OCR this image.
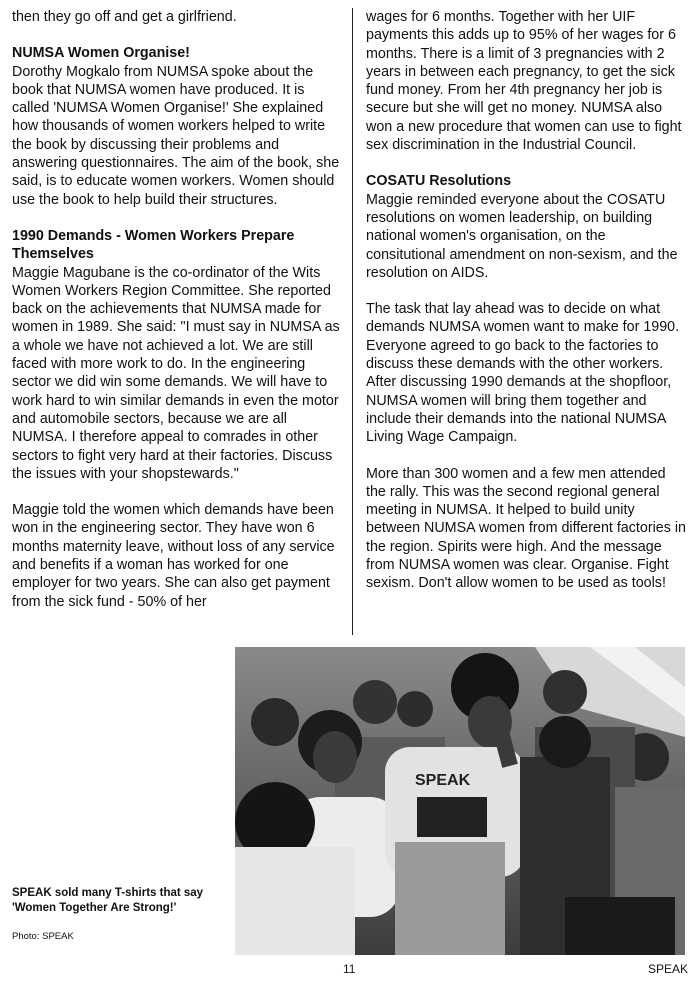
then they go off and get a girlfriend.

NUMSA Women Organise!

Dorothy Mogkalo from NUMSA spoke about the book that NUMSA women have produced. It is called 'NUMSA Women Organise!' She explained how thousands of women workers helped to write the book by discussing their problems and answering questionnaires. The aim of the book, she said, is to educate women workers. Women should use the book to help build their structures.

1990 Demands - Women Workers Prepare Themselves

Maggie Magubane is the co-ordinator of the Wits Women Workers Region Committee. She reported back on the achievements that NUMSA made for women in 1989. She said: "I must say in NUMSA as a whole we have not achieved a lot. We are still faced with more work to do. In the engineering sector we did win some demands. We will have to work hard to win similar demands in even the motor and automobile sectors, because we are all NUMSA. I therefore appeal to comrades in other sectors to fight very hard at their factories. Discuss the issues with your shopstewards."

Maggie told the women which demands have been won in the engineering sector. They have won 6 months maternity leave, without loss of any service and benefits if a woman has worked for one employer for two years. She can also get payment from the sick fund - 50% of her

wages for 6 months. Together with her UIF payments this adds up to 95% of her wages for 6 months. There is a limit of 3 pregnancies with 2 years in between each pregnancy, to get the sick fund money. From her 4th pregnancy her job is secure but she will get no money. NUMSA also won a new procedure that women can use to fight sex discrimination in the Industrial Council.

COSATU Resolutions

Maggie reminded everyone about the COSATU resolutions on women leadership, on building national women's organisation, on the consitutional amendment on non-sexism, and the resolution on AIDS.

The task that lay ahead was to decide on what demands NUMSA women want to make for 1990. Everyone agreed to go back to the factories to discuss these demands with the other workers. After discussing 1990 demands at the shopfloor, NUMSA women will bring them together and include their demands into the national NUMSA Living Wage Campaign.

More than 300 women and a few men attended the rally. This was the second regional general meeting in NUMSA. It helped to build unity between NUMSA women from different factories in the region. Spirits were high. And the message from NUMSA women was clear. Organise. Fight sexism. Don't allow women to be used as tools!

SPEAK
SPEAK sold many T-shirts that say 'Women Together Are Strong!'
Photo: SPEAK
11	SPEAK
